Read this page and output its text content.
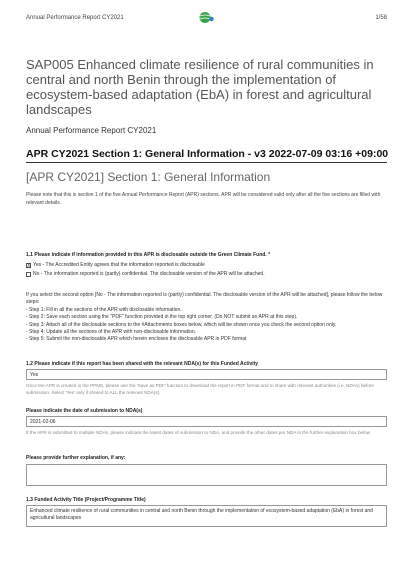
Annual Performance Report CY2021	1/58
SAP005 Enhanced climate resilience of rural communities in central and north Benin through the implementation of ecosystem-based adaptation (EbA) in forest and agricultural landscapes
Annual Performance Report CY2021
APR CY2021 Section 1: General Information - v3 2022-07-09 03:16 +09:00
[APR CY2021] Section 1: General Information
Please note that this is section 1 of the five Annual Performance Report (APR) sections. APR will be considered valid only after all the five sections are filled with relevant details.
1.1 Please indicate if information provided in this APR is disclosable outside the Green Climate Fund. *
X Yes - The Accredited Entity agrees that the information reported is disclosable
No - The information reported is (partly) confidential. The disclosable version of the APR will be attached.
If you select the second option [No - The information reported is (partly) confidential. The disclosable version of the APR will be attached], please follow the below steps:
- Step 1: Fill in all the sections of the APR with disclosable information.
- Step 2: Save each section using the "PDF" function provided in the top right corner. (Do NOT submit an APR at this step).
- Step 3: Attach all of the disclosable sections to the #Attachments boxes below, which will be shown once you check the second option only.
- Step 4: Update all the sections of the APR with non-disclosable information.
- Step 5: Submit the non-disclosable APR which herein encloses the disclosable APR in PDF format
1.2 Please indicate if this report has been shared with the relevant NDA(s) for this Funded Activity
Yes
Once the APR is created in the PPMS, please use the 'Save as PDF' function to download the report in PDF format and to share with relevant authorities (i.e. NDAs) before submission. Select 'Yes' only if shared to ALL the relevant NDA(s).
Please indicate the date of submission to NDA(s)
2021-02-06
If the APR is submitted to multiple NDAs, please indicate the latest dates of submission to NDA, and provide the other dates per NDA in the further explanation box below
Please provide further explanation, if any:
1.3 Funded Activity Title (Project/Programme Title)
Enhanced climate resilience of rural communities in central and north Benin through the implementation of ecosystem-based adaptation (EbA) in forest and agricultural landscapes
